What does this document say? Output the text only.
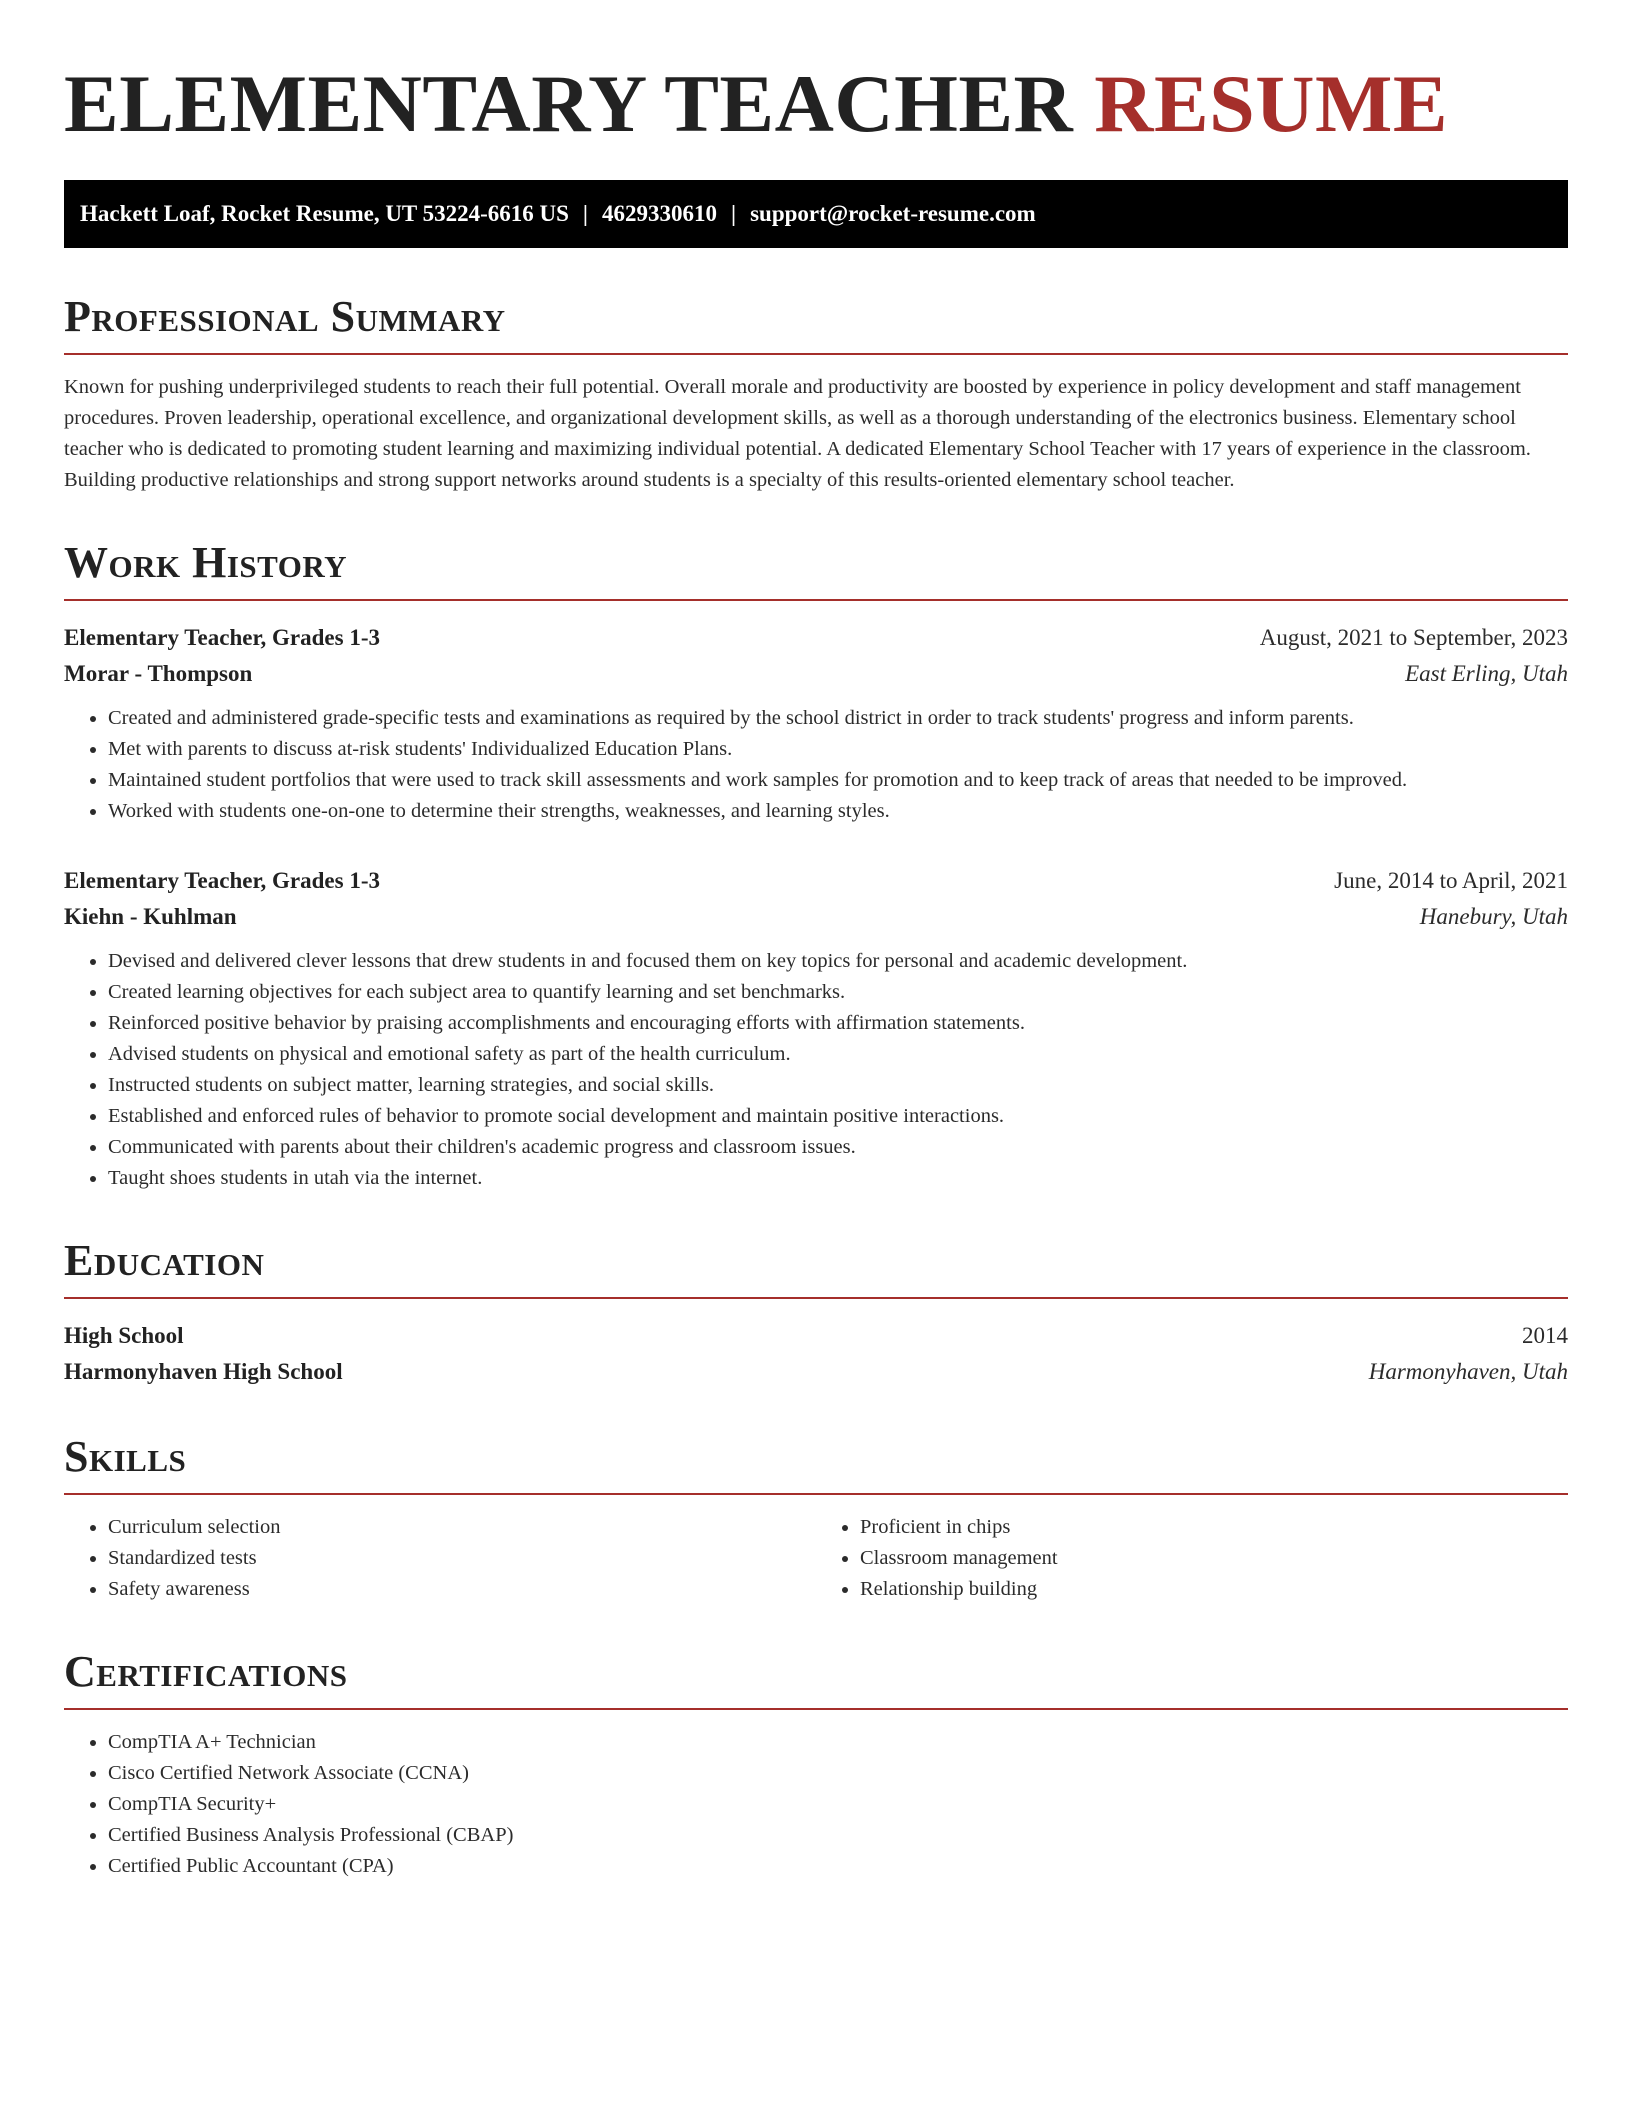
ELEMENTARY TEACHER RESUME
Hackett Loaf, Rocket Resume, UT 53224-6616 US | 4629330610 | support@rocket-resume.com
Professional Summary

Known for pushing underprivileged students to reach their full potential. Overall morale and productivity are boosted by experience in policy development and staff management procedures. Proven leadership, operational excellence, and organizational development skills, as well as a thorough understanding of the electronics business. Elementary school teacher who is dedicated to promoting student learning and maximizing individual potential. A dedicated Elementary School Teacher with 17 years of experience in the classroom. Building productive relationships and strong support networks around students is a specialty of this results-oriented elementary school teacher.

Work History
Elementary Teacher, Grades 1-3	August, 2021 to September, 2023
Morar - Thompson	East Erling, Utah
• Created and administered grade-specific tests and examinations as required by the school district in order to track students' progress and inform parents.
• Met with parents to discuss at-risk students' Individualized Education Plans.
• Maintained student portfolios that were used to track skill assessments and work samples for promotion and to keep track of areas that needed to be improved.
• Worked with students one-on-one to determine their strengths, weaknesses, and learning styles.
Elementary Teacher, Grades 1-3	June, 2014 to April, 2021
Kiehn - Kuhlman	Hanebury, Utah
• Devised and delivered clever lessons that drew students in and focused them on key topics for personal and academic development.
• Created learning objectives for each subject area to quantify learning and set benchmarks.
• Reinforced positive behavior by praising accomplishments and encouraging efforts with affirmation statements.
• Advised students on physical and emotional safety as part of the health curriculum.
• Instructed students on subject matter, learning strategies, and social skills.
• Established and enforced rules of behavior to promote social development and maintain positive interactions.
• Communicated with parents about their children's academic progress and classroom issues.
• Taught shoes students in utah via the internet.
Education
High School	2014
Harmonyhaven High School	Harmonyhaven, Utah
Skills
• Curriculum selection
• Standardized tests
• Safety awareness
• Proficient in chips
• Classroom management
• Relationship building
Certifications
• CompTIA A+ Technician
• Cisco Certified Network Associate (CCNA)
• CompTIA Security+
• Certified Business Analysis Professional (CBAP)
• Certified Public Accountant (CPA)
